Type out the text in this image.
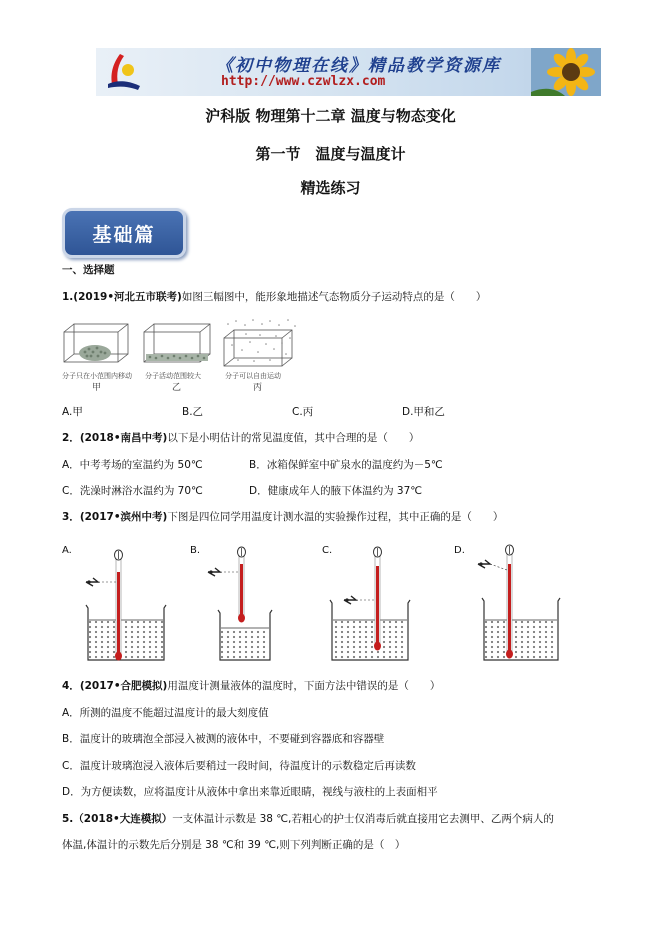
《初中物理在线》精品教学资源库
http://www.czwlzx.com
沪科版 物理第十二章 温度与物态变化
第一节　温度与温度计
精选练习
基础篇
一、选择题
1.(2019•河北五市联考)如图三幅图中，能形象地描述气态物质分子运动特点的是（　　）
分子只在小范围内移动 分子活动范围较大	分子可以自由运动
甲	乙	丙
A.甲	B.乙	C.丙	D.甲和乙
2．(2018•南昌中考)以下是小明估计的常见温度值，其中合理的是（　　）
A．中考考场的室温约为 50℃	B．冰箱保鲜室中矿泉水的温度约为－5℃
C．洗澡时淋浴水温约为 70℃	D．健康成年人的腋下体温约为 37℃
3．(2017•滨州中考)下图是四位同学用温度计测水温的实验操作过程，其中正确的是（　　）
A.	B.	C.	D.
4．(2017•合肥模拟)用温度计测量液体的温度时，下面方法中错误的是（　　）
A．所测的温度不能超过温度计的最大刻度值
B．温度计的玻璃泡全部浸入被测的液体中，不要碰到容器底和容器壁
C．温度计玻璃泡浸入液体后要稍过一段时间，待温度计的示数稳定后再读数
D．为方便读数，应将温度计从液体中拿出来靠近眼睛，视线与液柱的上表面相平
5.（2018•大连模拟）一支体温计示数是 38 ℃,若粗心的护士仅消毒后就直接用它去测甲、乙两个病人的
体温,体温计的示数先后分别是 38 ℃和 39 ℃,则下列判断正确的是（　）
